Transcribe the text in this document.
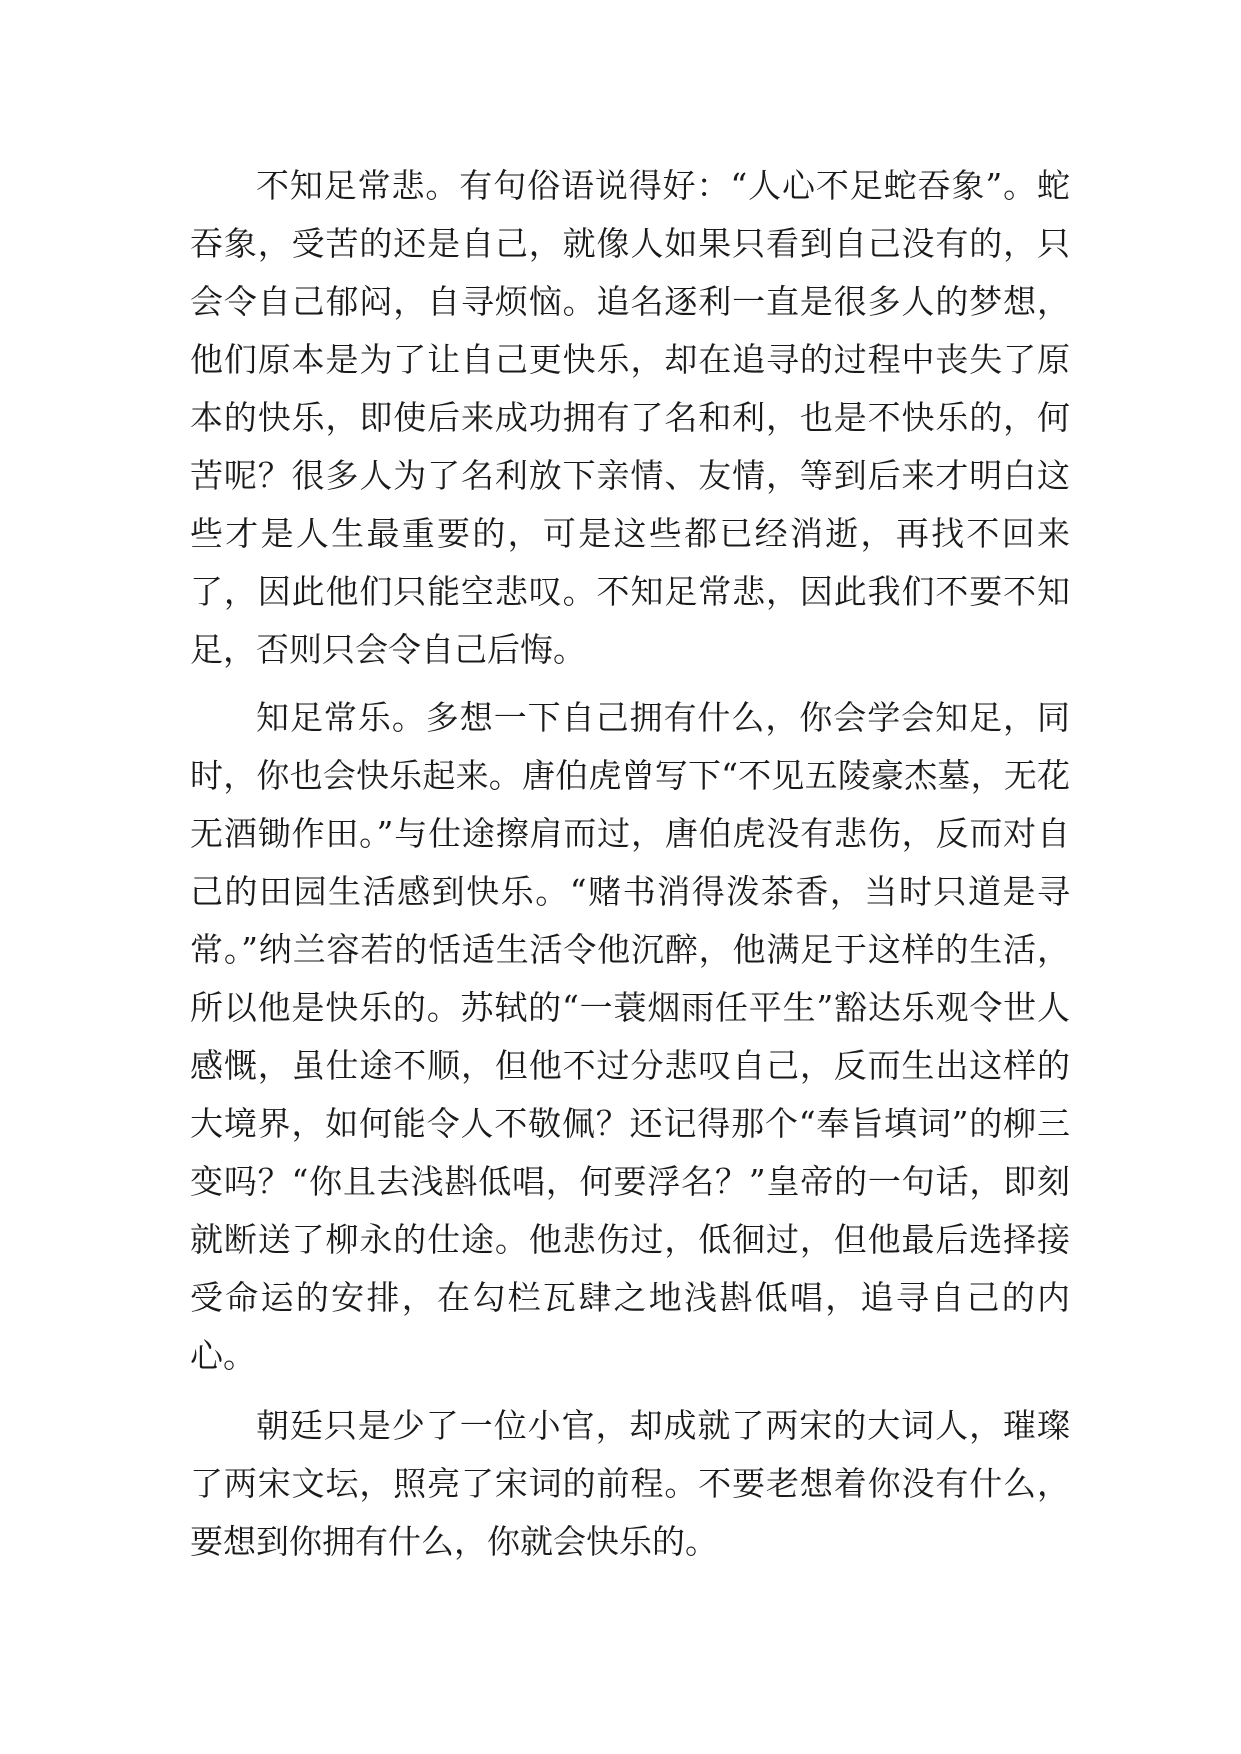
不知足常悲。有句俗语说得好：“人心不足蛇吞象”。蛇吞象，受苦的还是自己，就像人如果只看到自己没有的，只会令自己郁闷，自寻烦恼。追名逐利一直是很多人的梦想，他们原本是为了让自己更快乐，却在追寻的过程中丧失了原本的快乐，即使后来成功拥有了名和利，也是不快乐的，何苦呢？很多人为了名利放下亲情、友情，等到后来才明白这些才是人生最重要的，可是这些都已经消逝，再找不回来了，因此他们只能空悲叹。不知足常悲，因此我们不要不知足，否则只会令自己后悔。

知足常乐。多想一下自己拥有什么，你会学会知足，同时，你也会快乐起来。唐伯虎曾写下“不见五陵豪杰墓，无花无酒锄作田。”与仕途擦肩而过，唐伯虎没有悲伤，反而对自己的田园生活感到快乐。“赌书消得泼茶香，当时只道是寻常。”纳兰容若的恬适生活令他沉醉，他满足于这样的生活，所以他是快乐的。苏轼的“一蓑烟雨任平生”豁达乐观令世人感慨，虽仕途不顺，但他不过分悲叹自己，反而生出这样的大境界，如何能令人不敬佩？还记得那个“奉旨填词”的柳三变吗？“你且去浅斟低唱，何要浮名？”皇帝的一句话，即刻就断送了柳永的仕途。他悲伤过，低徊过，但他最后选择接受命运的安排，在勾栏瓦肆之地浅斟低唱，追寻自己的内心。

朝廷只是少了一位小官，却成就了两宋的大词人，璀璨了两宋文坛，照亮了宋词的前程。不要老想着你没有什么，要想到你拥有什么，你就会快乐的。
